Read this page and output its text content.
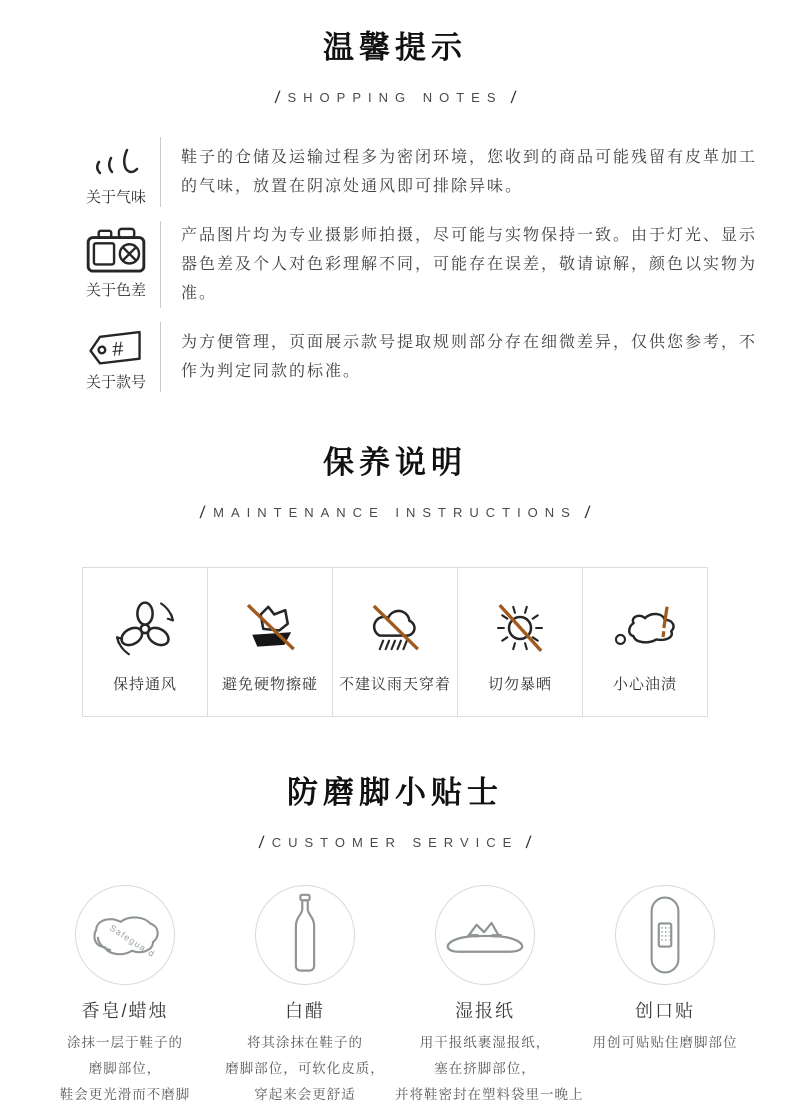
温馨提示
/ SHOPPING NOTES /
关于气味
鞋子的仓储及运输过程多为密闭环境，您收到的商品可能残留有皮革加工的气味，放置在阴凉处通风即可排除异味。
关于色差
产品图片均为专业摄影师拍摄，尽可能与实物保持一致。由于灯光、显示器色差及个人对色彩理解不同，可能存在误差，敬请谅解，颜色以实物为准。
#
关于款号
为方便管理，页面展示款号提取规则部分存在细微差异，仅供您参考，不作为判定同款的标准。
保养说明
/ MAINTENANCE INSTRUCTIONS /
保持通风	避免硬物擦碰 不建议雨天穿着 切勿暴晒	小心油渍
防磨脚小贴士
/ CUSTOMER SERVICE /
Safeguard
香皂/蜡烛
涂抹一层于鞋子的
磨脚部位，
鞋会更光滑而不磨脚
白醋
将其涂抹在鞋子的
磨脚部位，可软化皮质，
穿起来会更舒适
湿报纸
用干报纸裹湿报纸，
塞在挤脚部位，
并将鞋密封在塑料袋里一晚上
创口贴
用创可贴贴住磨脚部位
